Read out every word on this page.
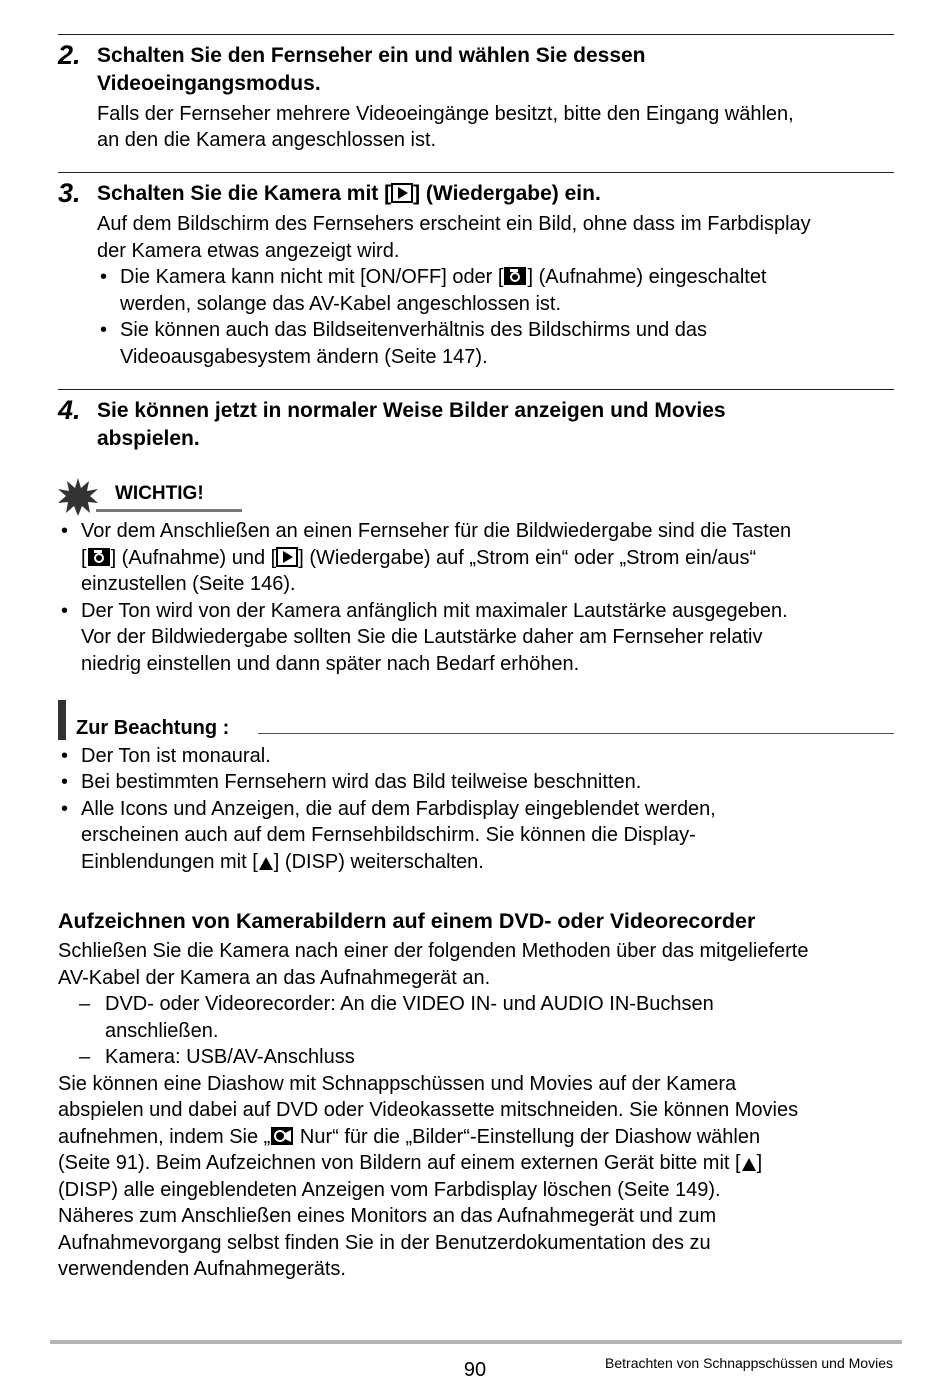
2. Schalten Sie den Fernseher ein und wählen Sie dessen
Videoeingangsmodus.
Falls der Fernseher mehrere Videoeingänge besitzt, bitte den Eingang wählen,
an den die Kamera angeschlossen ist.
3. Schalten Sie die Kamera mit [ ] (Wiedergabe) ein.
Auf dem Bildschirm des Fernsehers erscheint ein Bild, ohne dass im Farbdisplay
der Kamera etwas angezeigt wird.
• Die Kamera kann nicht mit [ON/OFF] oder [ ] (Aufnahme) eingeschaltet
werden, solange das AV-Kabel angeschlossen ist.
• Sie können auch das Bildseitenverhältnis des Bildschirms und das
Videoausgabesystem ändern (Seite 147).
4. Sie können jetzt in normaler Weise Bilder anzeigen und Movies
abspielen.
WICHTIG!
• Vor dem Anschließen an einen Fernseher für die Bildwiedergabe sind die Tasten
[ ] (Aufnahme) und [ ] (Wiedergabe) auf „Strom ein“ oder „Strom ein/aus“
einzustellen (Seite 146).
• Der Ton wird von der Kamera anfänglich mit maximaler Lautstärke ausgegeben.
Vor der Bildwiedergabe sollten Sie die Lautstärke daher am Fernseher relativ
niedrig einstellen und dann später nach Bedarf erhöhen.
Zur Beachtung :
• Der Ton ist monaural.
• Bei bestimmten Fernsehern wird das Bild teilweise beschnitten.
• Alle Icons und Anzeigen, die auf dem Farbdisplay eingeblendet werden,
erscheinen auch auf dem Fernsehbildschirm. Sie können die Display-
Einblendungen mit [ ] (DISP) weiterschalten.
Aufzeichnen von Kamerabildern auf einem DVD- oder Videorecorder
Schließen Sie die Kamera nach einer der folgenden Methoden über das mitgelieferte
AV-Kabel der Kamera an das Aufnahmegerät an.
– DVD- oder Videorecorder: An die VIDEO IN- und AUDIO IN-Buchsen
anschließen.
– Kamera: USB/AV-Anschluss
Sie können eine Diashow mit Schnappschüssen und Movies auf der Kamera
abspielen und dabei auf DVD oder Videokassette mitschneiden. Sie können Movies
aufnehmen, indem Sie „ Nur“ für die „Bilder“-Einstellung der Diashow wählen
(Seite 91). Beim Aufzeichnen von Bildern auf einem externen Gerät bitte mit [ ]
(DISP) alle eingeblendeten Anzeigen vom Farbdisplay löschen (Seite 149).
Näheres zum Anschließen eines Monitors an das Aufnahmegerät und zum
Aufnahmevorgang selbst finden Sie in der Benutzerdokumentation des zu
verwendenden Aufnahmegeräts.
90	Betrachten von Schnappschüssen und Movies
